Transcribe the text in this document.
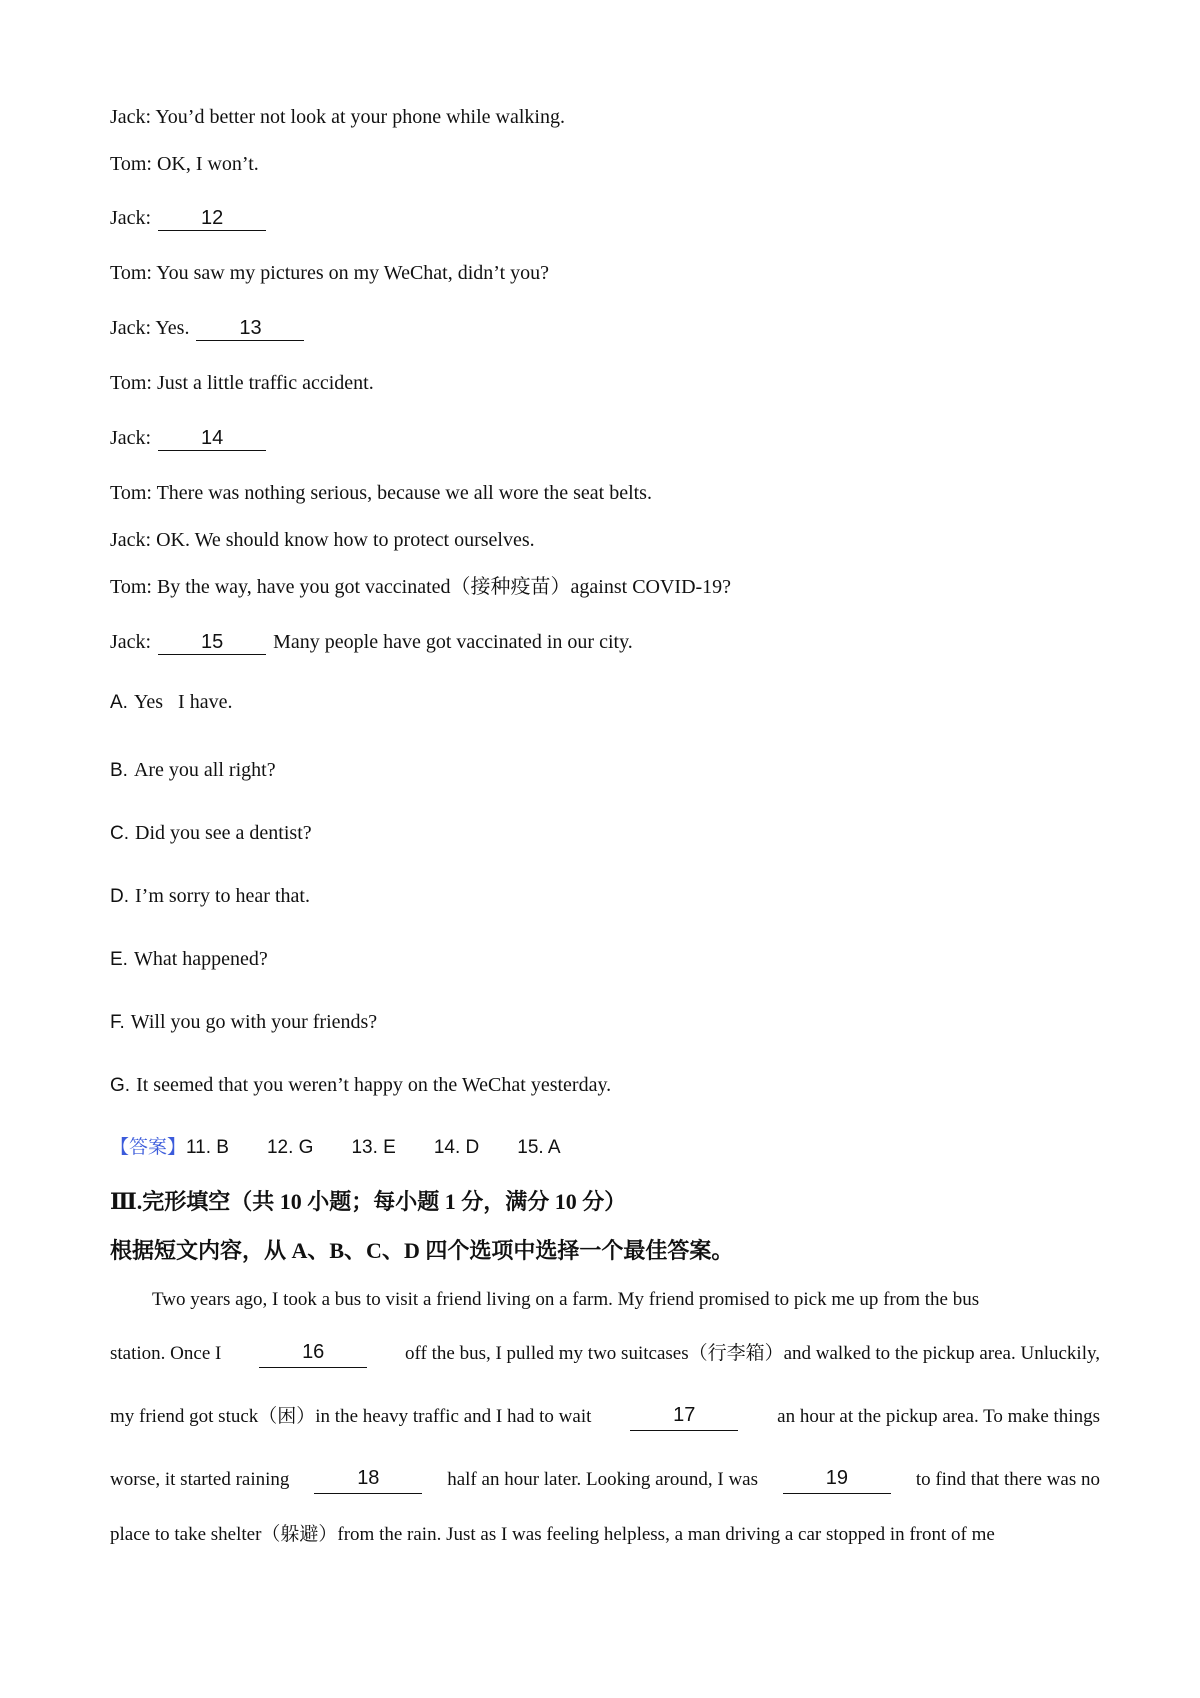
Jack: You’d better not look at your phone while walking.
Tom: OK, I won’t.
Jack: 12
Tom: You saw my pictures on my WeChat, didn’t you?
Jack: Yes. 13
Tom: Just a little traffic accident.
Jack: 14
Tom: There was nothing serious, because we all wore the seat belts.
Jack: OK. We should know how to protect ourselves.
Tom: By the way, have you got vaccinated（接种疫苗）against COVID-19?
Jack: 15 Many people have got vaccinated in our city.
A. Yes   I have.
B. Are you all right?
C. Did you see a dentist?
D. I’m sorry to hear that.
E. What happened?
F. Will you go with your friends?
G. It seemed that you weren’t happy on the WeChat yesterday.
【答案】11. B 12. G 13. E 14. D 15. A
Ⅲ.完形填空（共 10 小题；每小题 1 分，满分 10 分）
根据短文内容，从 A、B、C、D 四个选项中选择一个最佳答案。
Two years ago, I took a bus to visit a friend living on a farm. My friend promised to pick me up from the bus
station. Once I	16	off the bus, I pulled my two suitcases（行李箱）and walked to the pickup area. Unluckily,
my friend got stuck（困）in the heavy traffic and I had to wait	17	an hour at the pickup area. To make things
worse, it started raining	18	half an hour later. Looking around, I was	19	to find that there was no
place to take shelter（躲避）from the rain. Just as I was feeling helpless, a man driving a car stopped in front of me
